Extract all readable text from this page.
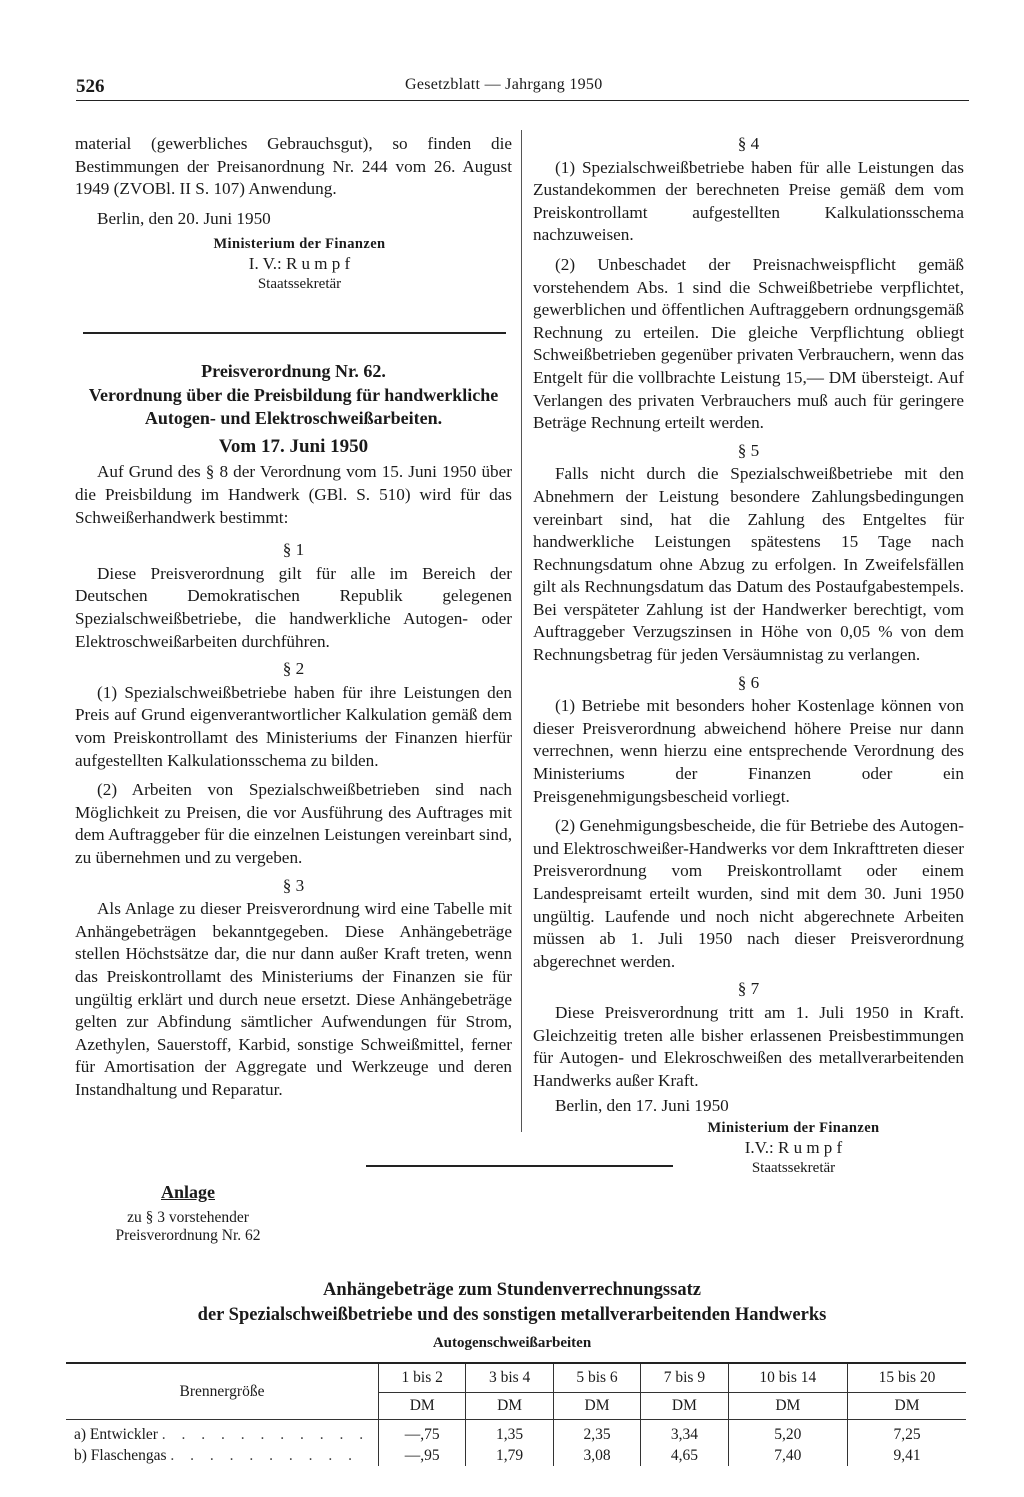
526	Gesetzblatt — Jahrgang 1950

material (gewerbliches Gebrauchsgut), so finden die Bestimmungen der Preisanordnung Nr. 244 vom 26. August 1949 (ZVOBl. II S. 107) Anwendung.

Berlin, den 20. Juni 1950

Ministerium der Finanzen
I. V.: R u m p f
Staatssekretär
Preisverordnung Nr. 62.
Verordnung über die Preisbildung für handwerkliche Autogen- und Elektroschweißarbeiten.
Vom 17. Juni 1950

Auf Grund des § 8 der Verordnung vom 15. Juni 1950 über die Preisbildung im Handwerk (GBl. S. 510) wird für das Schweißerhandwerk bestimmt:

§ 1

Diese Preisverordnung gilt für alle im Bereich der Deutschen Demokratischen Republik gelegenen Spezialschweißbetriebe, die handwerkliche Autogen- oder Elektroschweißarbeiten durchführen.

§ 2

(1) Spezialschweißbetriebe haben für ihre Leistungen den Preis auf Grund eigenverantwortlicher Kalkulation gemäß dem vom Preiskontrollamt des Ministeriums der Finanzen hierfür aufgestellten Kalkulationsschema zu bilden.

(2) Arbeiten von Spezialschweißbetrieben sind nach Möglichkeit zu Preisen, die vor Ausführung des Auftrages mit dem Auftraggeber für die einzelnen Leistungen vereinbart sind, zu übernehmen und zu vergeben.

§ 3

Als Anlage zu dieser Preisverordnung wird eine Tabelle mit Anhängebeträgen bekanntgegeben. Diese Anhängebeträge stellen Höchstsätze dar, die nur dann außer Kraft treten, wenn das Preiskontrollamt des Ministeriums der Finanzen sie für ungültig erklärt und durch neue ersetzt. Diese Anhängebeträge gelten zur Abfindung sämtlicher Aufwendungen für Strom, Azethylen, Sauerstoff, Karbid, sonstige Schweißmittel, ferner für Amortisation der Aggregate und Werkzeuge und deren Instandhaltung und Reparatur.

§ 4

(1) Spezialschweißbetriebe haben für alle Leistungen das Zustandekommen der berechneten Preise gemäß dem vom Preiskontrollamt aufgestellten Kalkulationsschema nachzuweisen.

(2) Unbeschadet der Preisnachweispflicht gemäß vorstehendem Abs. 1 sind die Schweißbetriebe verpflichtet, gewerblichen und öffentlichen Auftraggebern ordnungsgemäß Rechnung zu erteilen. Die gleiche Verpflichtung obliegt Schweißbetrieben gegenüber privaten Verbrauchern, wenn das Entgelt für die vollbrachte Leistung 15,— DM übersteigt. Auf Verlangen des privaten Verbrauchers muß auch für geringere Beträge Rechnung erteilt werden.

§ 5

Falls nicht durch die Spezialschweißbetriebe mit den Abnehmern der Leistung besondere Zahlungsbedingungen vereinbart sind, hat die Zahlung des Entgeltes für handwerkliche Leistungen spätestens 15 Tage nach Rechnungsdatum ohne Abzug zu erfolgen. In Zweifelsfällen gilt als Rechnungsdatum das Datum des Postaufgabestempels. Bei verspäteter Zahlung ist der Handwerker berechtigt, vom Auftraggeber Verzugszinsen in Höhe von 0,05 % von dem Rechnungsbetrag für jeden Versäumnistag zu verlangen.

§ 6

(1) Betriebe mit besonders hoher Kostenlage können von dieser Preisverordnung abweichend höhere Preise nur dann verrechnen, wenn hierzu eine entsprechende Verordnung des Ministeriums der Finanzen oder ein Preisgenehmigungsbescheid vorliegt.

(2) Genehmigungsbescheide, die für Betriebe des Autogen- und Elektroschweißer-Handwerks vor dem Inkrafttreten dieser Preisverordnung vom Preiskontrollamt oder einem Landespreisamt erteilt wurden, sind mit dem 30. Juni 1950 ungültig. Laufende und noch nicht abgerechnete Arbeiten müssen ab 1. Juli 1950 nach dieser Preisverordnung abgerechnet werden.

§ 7

Diese Preisverordnung tritt am 1. Juli 1950 in Kraft. Gleichzeitig treten alle bisher erlassenen Preisbestimmungen für Autogen- und Elekroschweißen des metallverarbeitenden Handwerks außer Kraft.

Berlin, den 17. Juni 1950

Ministerium der Finanzen
I.V.: R u m p f
Staatssekretär
Anlage
zu § 3 vorstehender
Preisverordnung Nr. 62
Anhängebeträge zum Stundenverrechnungssatz
der Spezialschweißbetriebe und des sonstigen metallverarbeitenden Handwerks
Autogenschweißarbeiten
Brennergröße	1 bis 2	3 bis 4	5 bis 6	7 bis 9	10 bis 14	15 bis 20
	DM	DM	DM	DM	DM	DM
a) Entwickler . . . . . . . . . . .	—,75	1,35	2,35	3,34	5,20	7,25
b) Flaschengas . . . . . . . . . .	—,95	1,79	3,08	4,65	7,40	9,41
